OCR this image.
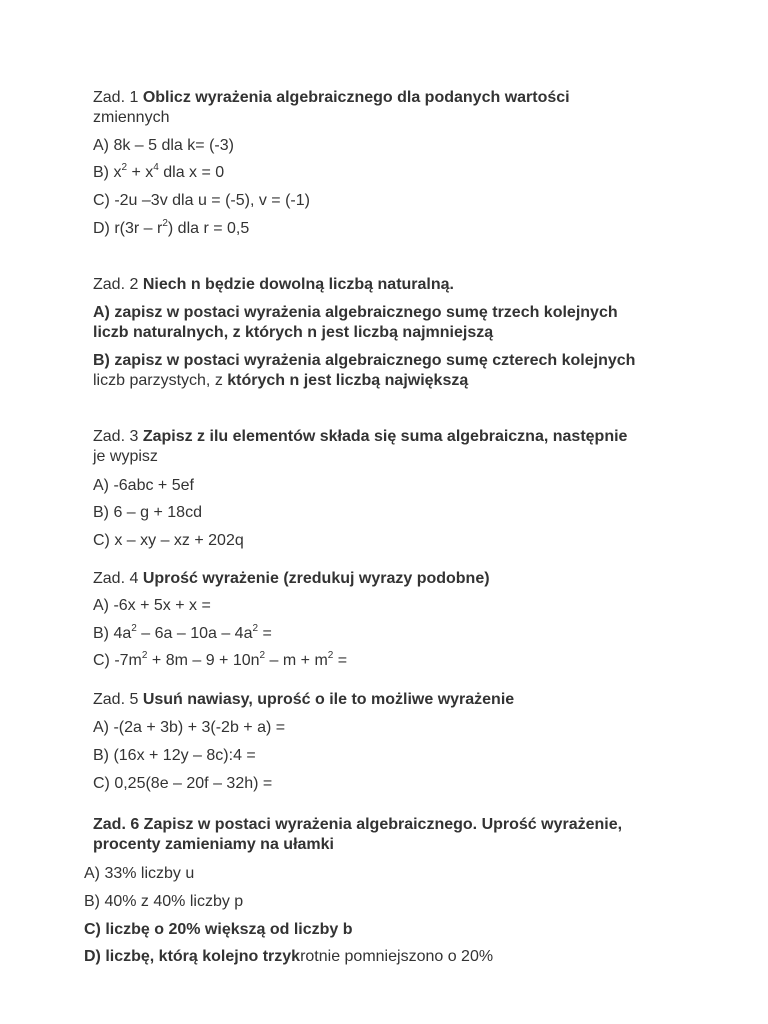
Zad. 1 Oblicz wyrażenia algebraicznego dla podanych wartości
zmiennych
A) 8k – 5 dla k= (-3)
B) $x^2 + x^4$ dla x = 0
C) -2u –3v dla u = (-5), v = (-1)
D) $r(3r - r^2)$ dla r = 0,5
Zad. 2 Niech n będzie dowolną liczbą naturalną.
A) zapisz w postaci wyrażenia algebraicznego sumę trzech kolejnych
liczb naturalnych, z których n jest liczbą najmniejszą
B) zapisz w postaci wyrażenia algebraicznego sumę czterech kolejnych
liczb parzystych, z których n jest liczbą największą
Zad. 3 Zapisz z ilu elementów składa się suma algebraiczna, następnie
je wypisz
A) -6abc + 5ef
B) 6 – g + 18cd
C) x – xy – xz + 202q
Zad. 4 Uprość wyrażenie (zredukuj wyrazy podobne)
A) -6x + 5x + x =
B) $4a^2 - 6a - 10a - 4a^2$ =
C) $-7m^2 + 8m - 9 + 10n^2 - m + m^2$ =
Zad. 5 Usuń nawiasy, uprość o ile to możliwe wyrażenie
A) -(2a + 3b) + 3(-2b + a) =
B) (16x + 12y – 8c):4 =
C) 0,25(8e – 20f – 32h) =
Zad. 6 Zapisz w postaci wyrażenia algebraicznego. Uprość wyrażenie,
procenty zamieniamy na ułamki
A) 33% liczby u
B) 40% z 40% liczby p
C) liczbę o 20% większą od liczby b
D) liczbę, którą kolejno trzykrotnie pomniejszono o 20%
